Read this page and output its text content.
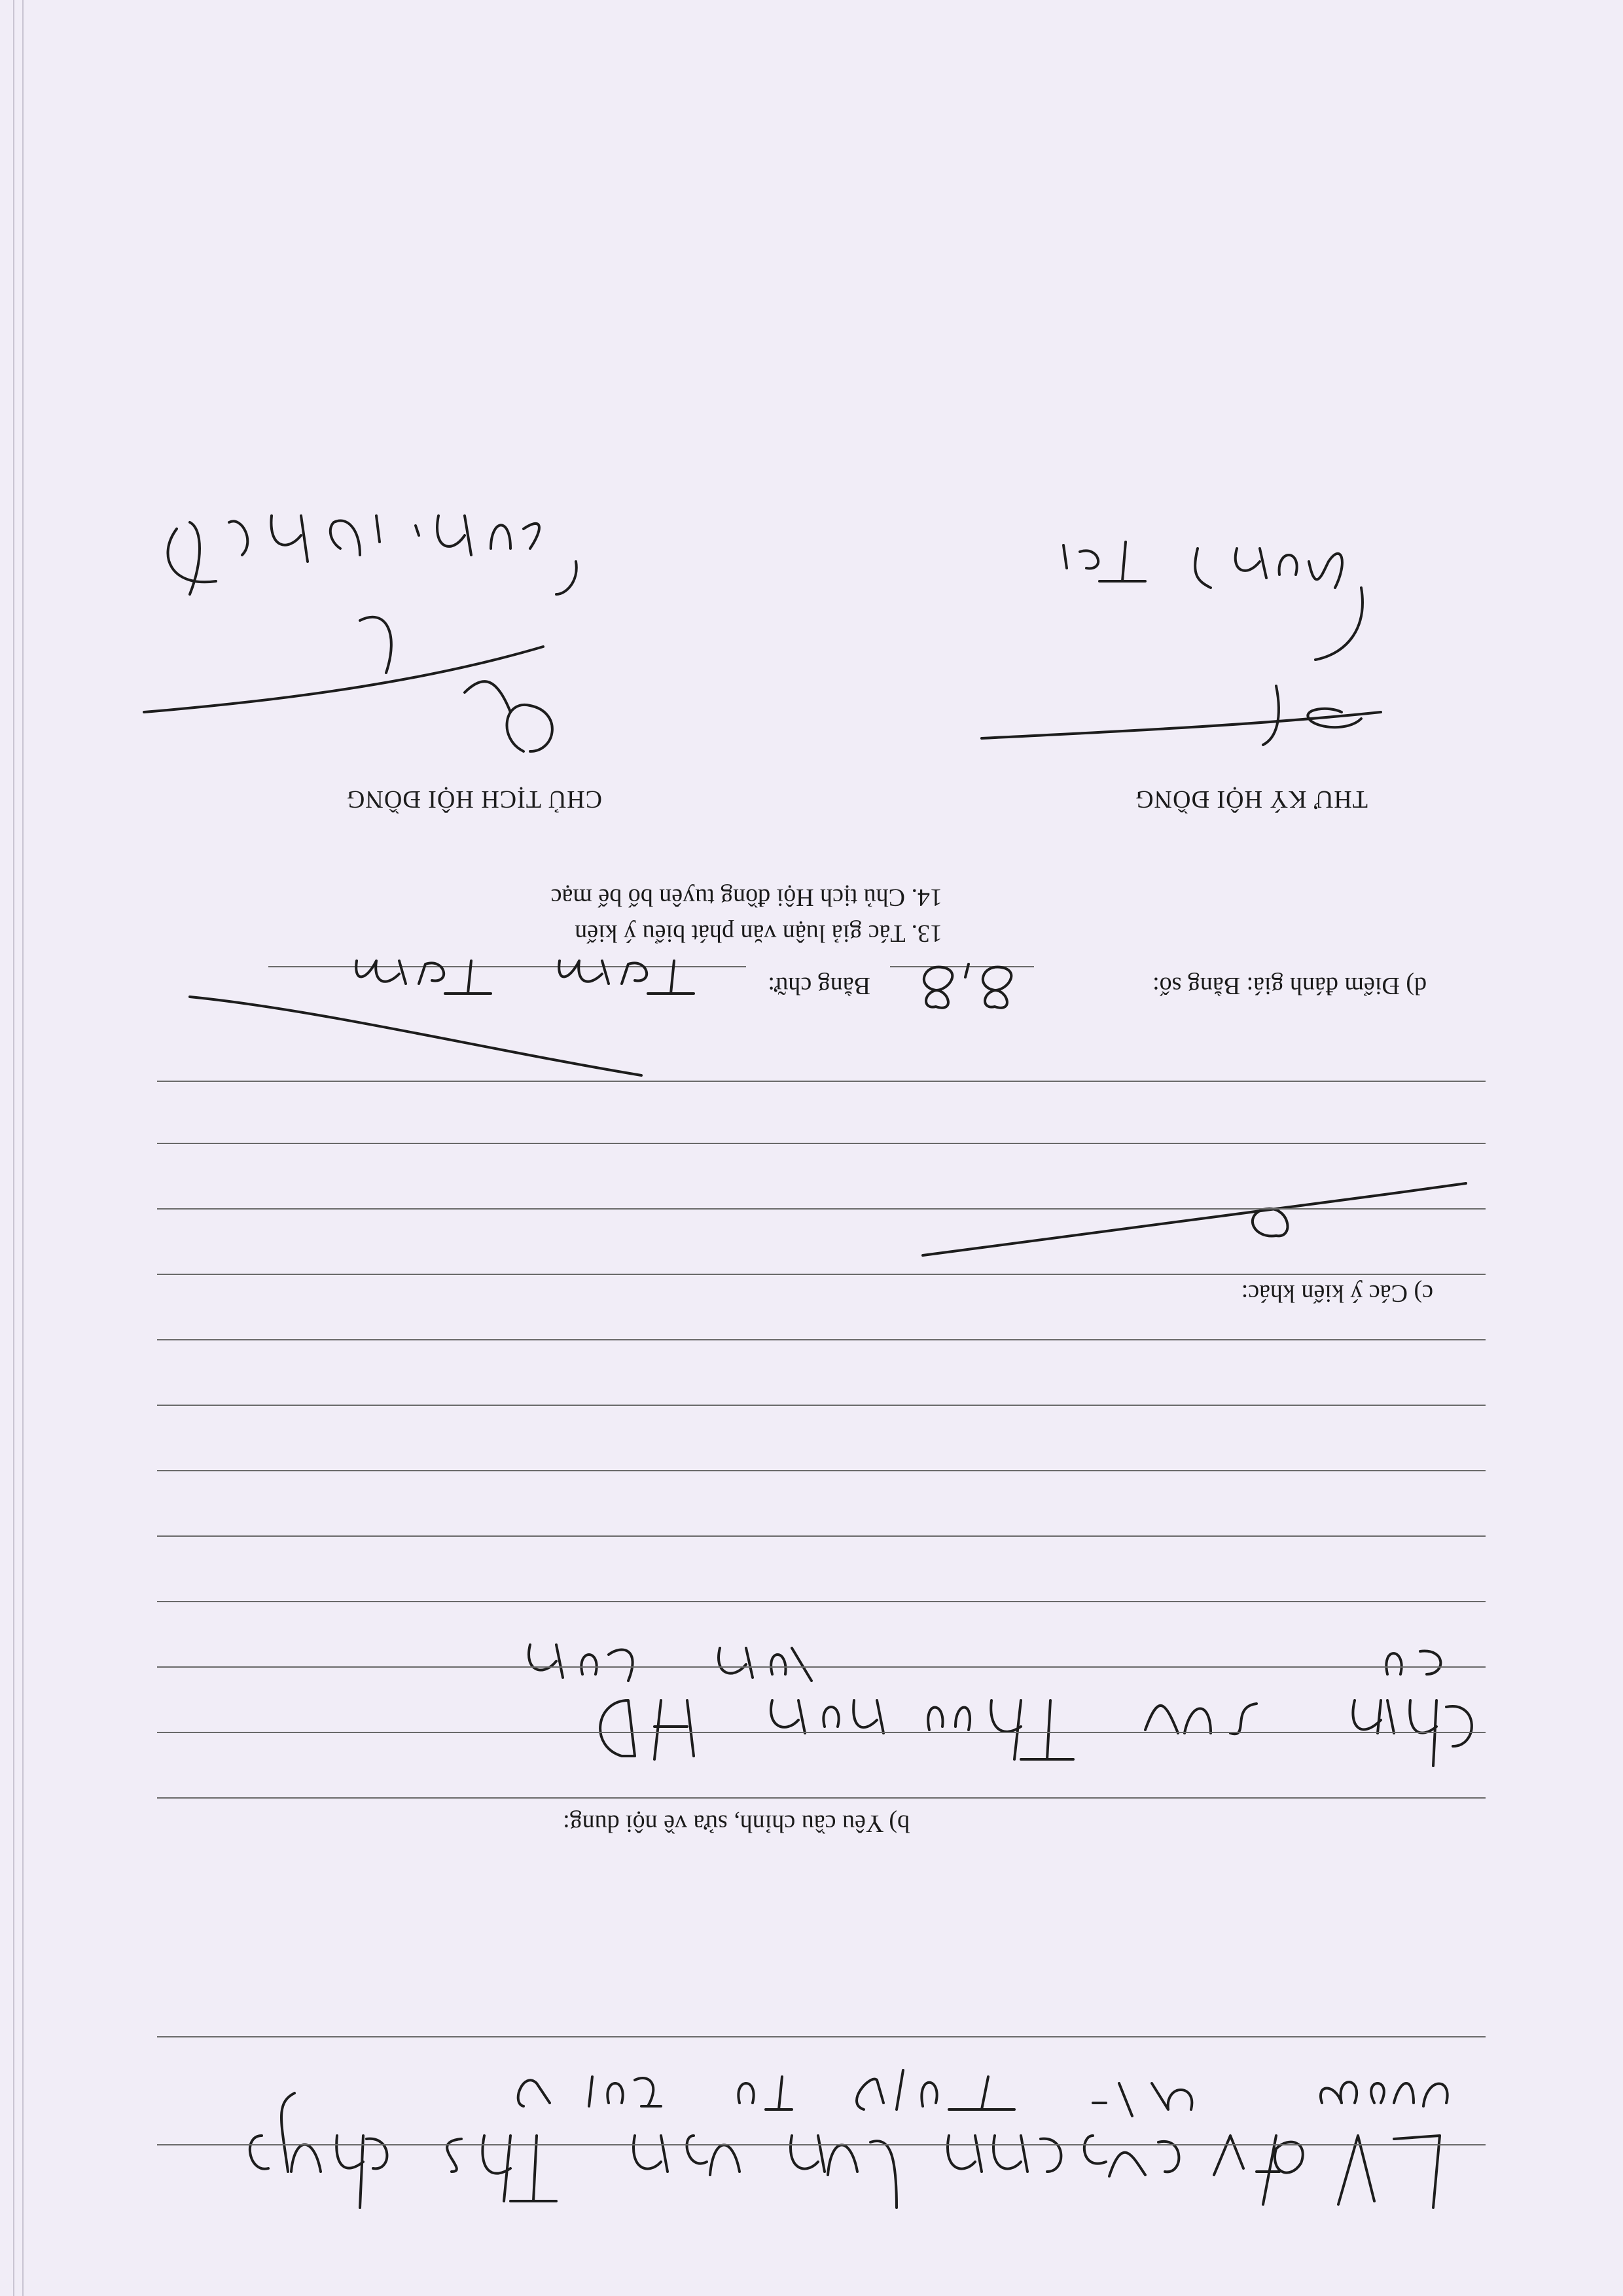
b) Yêu cầu chỉnh, sửa về nội dung:
c) Các ý kiến khác:
d) Điểm đánh giá: Bằng số:
Bằng chữ:
13. Tác giả luận văn phát biểu ý kiến
14. Chủ tịch Hội đồng tuyên bố bế mạc
THƯ KÝ HỘI ĐỒNG
CHỦ TỊCH HỘI ĐỒNG
